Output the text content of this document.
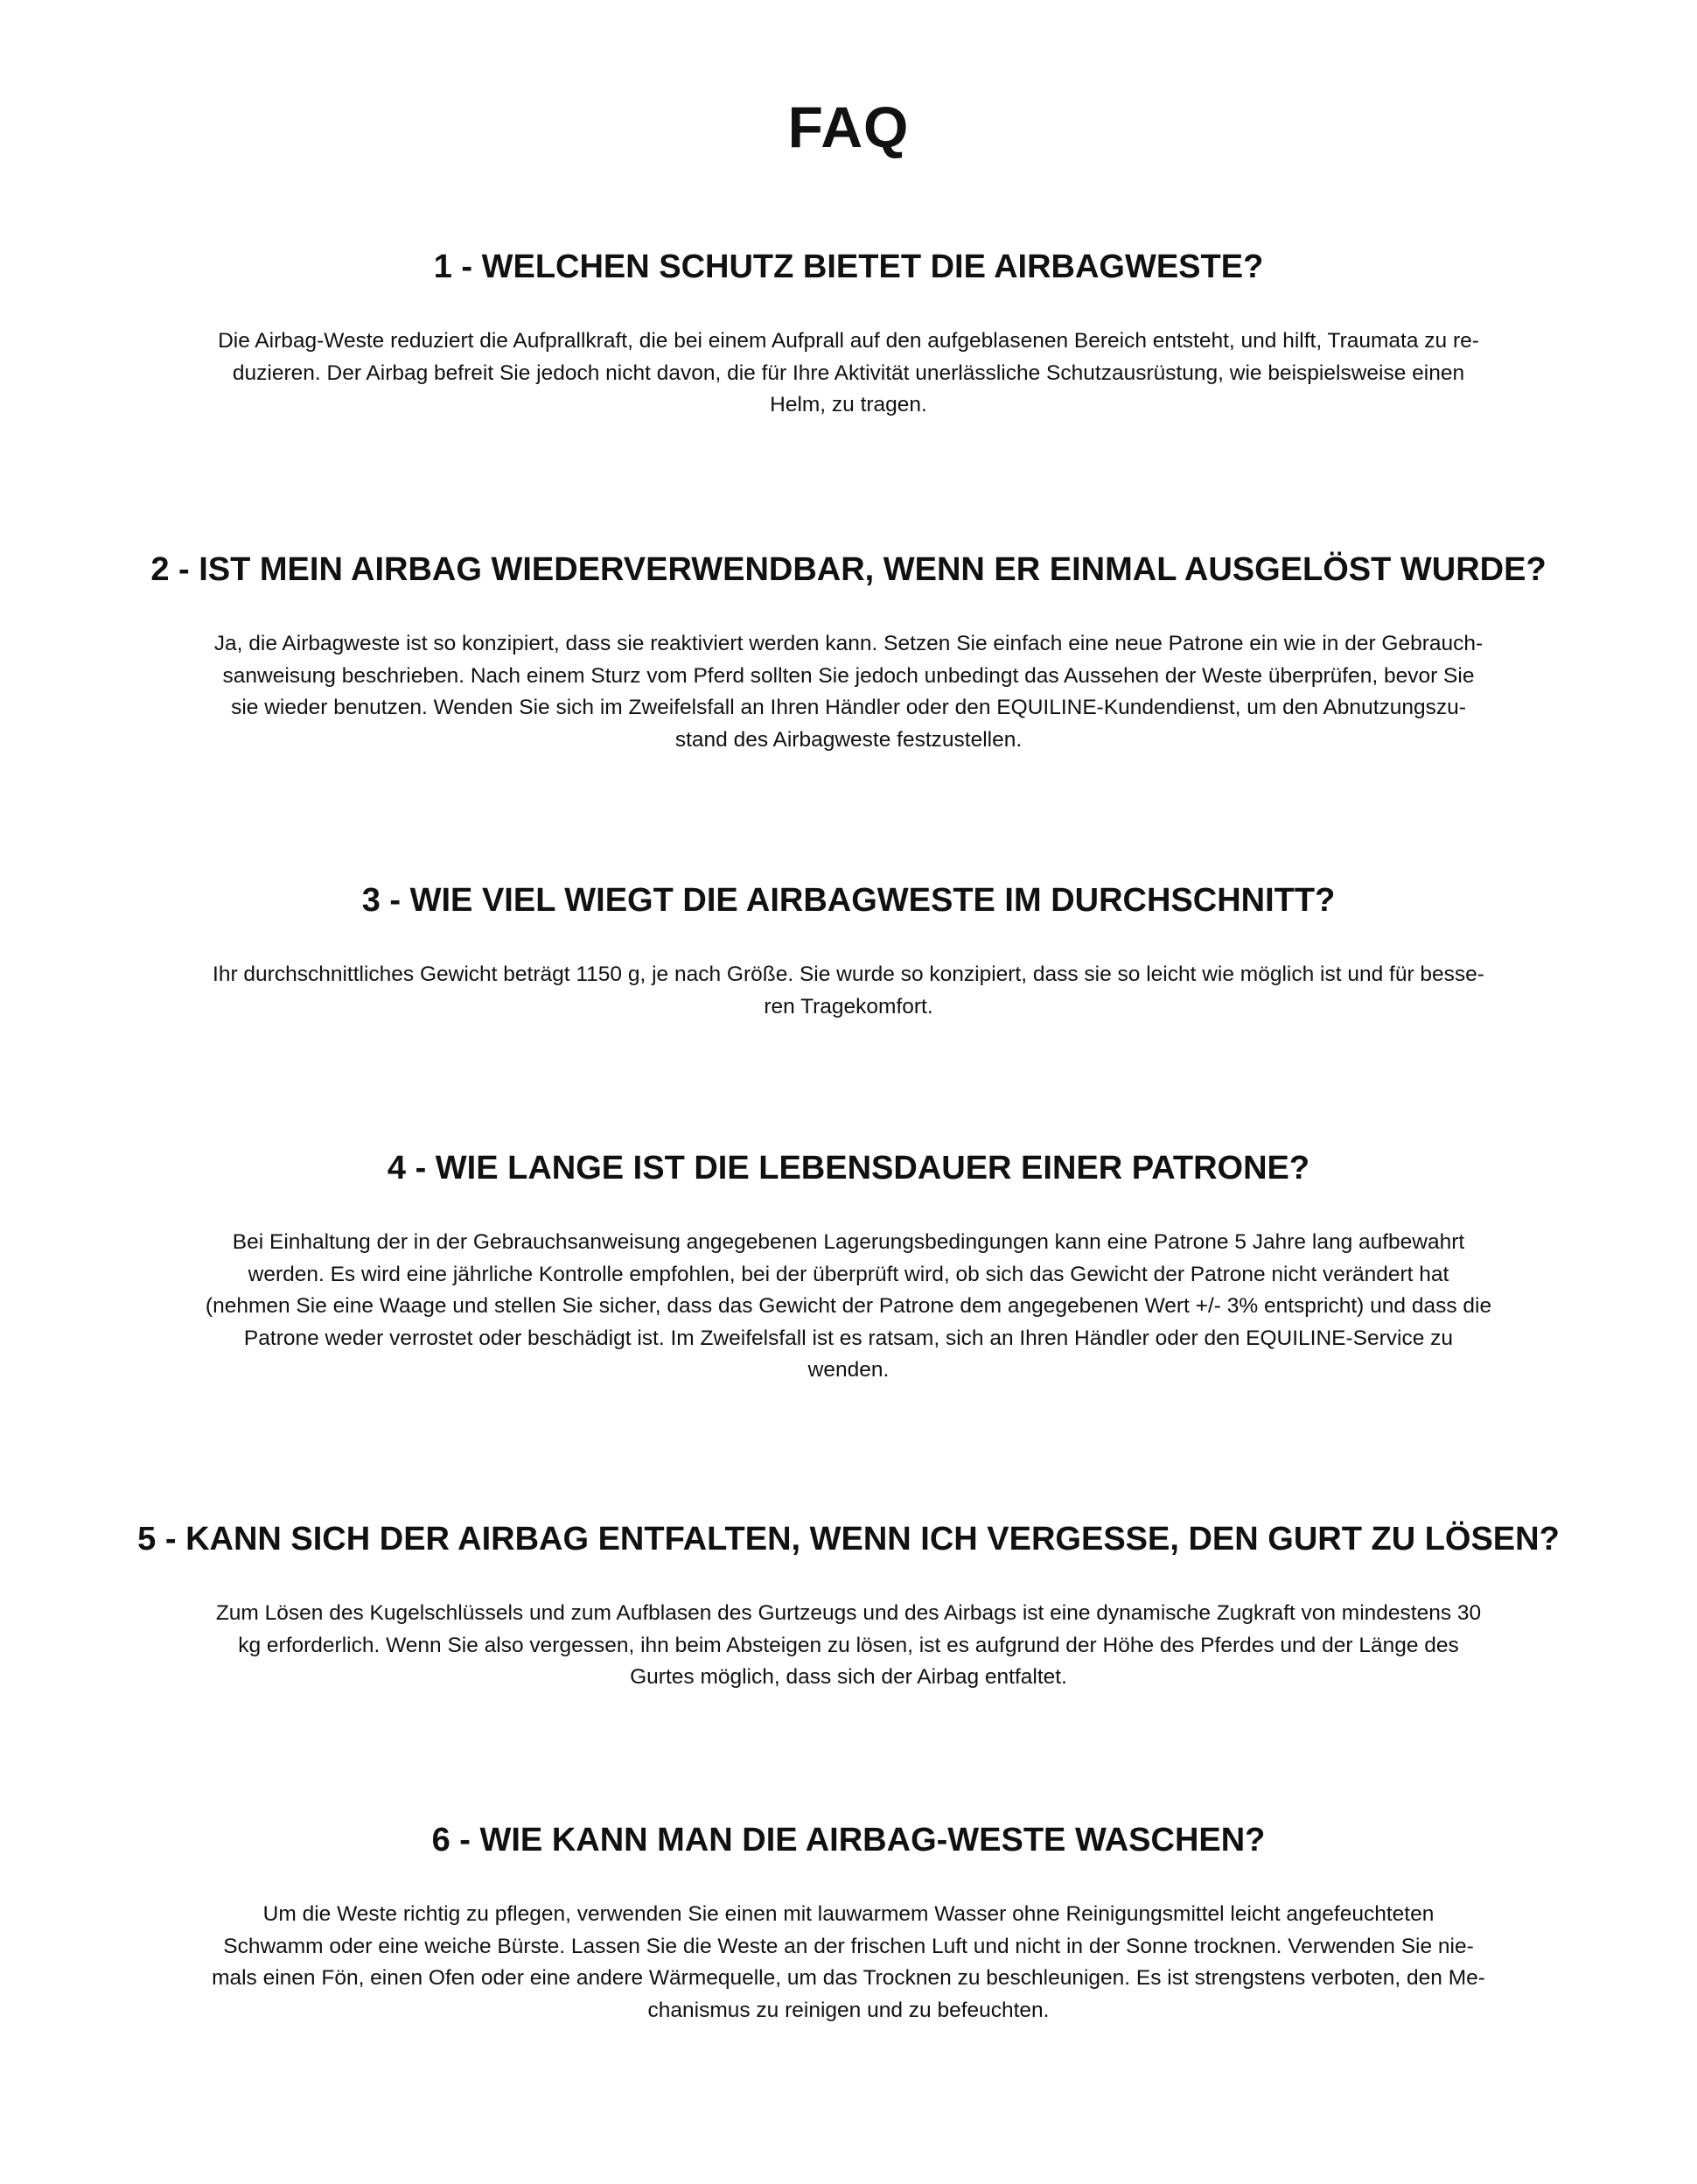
FAQ
1 - WELCHEN SCHUTZ BIETET DIE AIRBAGWESTE?

Die Airbag-Weste reduziert die Aufprallkraft, die bei einem Aufprall auf den aufgeblasenen Bereich entsteht, und hilft, Traumata zu re-
duzieren. Der Airbag befreit Sie jedoch nicht davon, die für Ihre Aktivität unerlässliche Schutzausrüstung, wie beispielsweise einen
Helm, zu tragen.

2 - IST MEIN AIRBAG WIEDERVERWENDBAR, WENN ER EINMAL AUSGELÖST WURDE?

Ja, die Airbagweste ist so konzipiert, dass sie reaktiviert werden kann. Setzen Sie einfach eine neue Patrone ein wie in der Gebrauch-
sanweisung beschrieben. Nach einem Sturz vom Pferd sollten Sie jedoch unbedingt das Aussehen der Weste überprüfen, bevor Sie
sie wieder benutzen. Wenden Sie sich im Zweifelsfall an Ihren Händler oder den EQUILINE-Kundendienst, um den Abnutzungszu-
stand des Airbagweste festzustellen.

3 - WIE VIEL WIEGT DIE AIRBAGWESTE IM DURCHSCHNITT?

Ihr durchschnittliches Gewicht beträgt 1150 g, je nach Größe. Sie wurde so konzipiert, dass sie so leicht wie möglich ist und für besse-
ren Tragekomfort.

4 - WIE LANGE IST DIE LEBENSDAUER EINER PATRONE?

Bei Einhaltung der in der Gebrauchsanweisung angegebenen Lagerungsbedingungen kann eine Patrone 5 Jahre lang aufbewahrt
werden. Es wird eine jährliche Kontrolle empfohlen, bei der überprüft wird, ob sich das Gewicht der Patrone nicht verändert hat
(nehmen Sie eine Waage und stellen Sie sicher, dass das Gewicht der Patrone dem angegebenen Wert +/- 3% entspricht) und dass die
Patrone weder verrostet oder beschädigt ist. Im Zweifelsfall ist es ratsam, sich an Ihren Händler oder den EQUILINE-Service zu
wenden.

5 - KANN SICH DER AIRBAG ENTFALTEN, WENN ICH VERGESSE, DEN GURT ZU LÖSEN?

Zum Lösen des Kugelschlüssels und zum Aufblasen des Gurtzeugs und des Airbags ist eine dynamische Zugkraft von mindestens 30
kg erforderlich. Wenn Sie also vergessen, ihn beim Absteigen zu lösen, ist es aufgrund der Höhe des Pferdes und der Länge des
Gurtes möglich, dass sich der Airbag entfaltet.

6 - WIE KANN MAN DIE AIRBAG-WESTE WASCHEN?

Um die Weste richtig zu pflegen, verwenden Sie einen mit lauwarmem Wasser ohne Reinigungsmittel leicht angefeuchteten
Schwamm oder eine weiche Bürste. Lassen Sie die Weste an der frischen Luft und nicht in der Sonne trocknen. Verwenden Sie nie-
mals einen Fön, einen Ofen oder eine andere Wärmequelle, um das Trocknen zu beschleunigen. Es ist strengstens verboten, den Me-
chanismus zu reinigen und zu befeuchten.
